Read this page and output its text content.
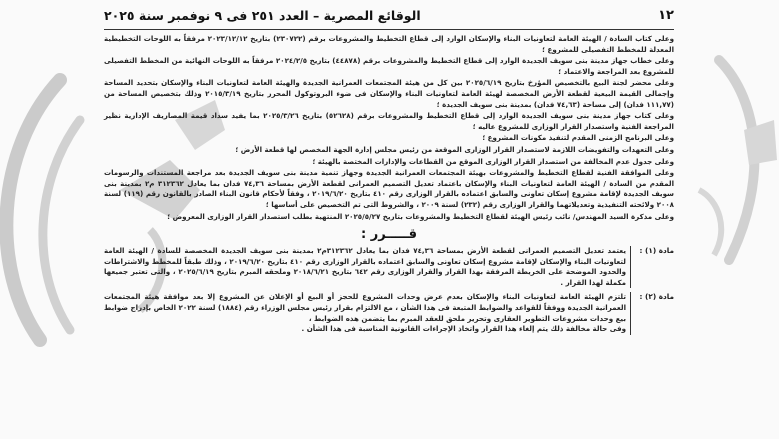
١٢
الوقائع المصرية – العدد ٢٥١ فى ٩ نوفمبر سنة ٢٠٢٥

وعلى كتاب السادة / الهيئة العامة لتعاونيات البناء والإسكان الوارد إلى قطاع التخطيط والمشروعات برقم (٢٣٠٧٢٢) بتاريخ ٢٠٢٣/١٢/١٢ مرفقاً به اللوحات التخطيطية المعدلة للمخطط التفصيلى للمشروع ؛

وعلى خطاب جهاز مدينة بنى سويف الجديدة الوارد إلى قطاع التخطيط والمشروعات برقم (٤٤٨٧٨) بتاريخ ٢٠٢٤/٢/٥ مرفقاً به اللوحات النهائية من المخطط التفصيلى للمشروع بعد المراجعة والاعتماد ؛

وعلى محضر لجنة البيع بالتخصيص المؤرخ بتاريخ ٢٠٢٥/٦/١٩ بين كل من هيئة المجتمعات العمرانية الجديدة والهيئة العامة لتعاونيات البناء والإسكان بتحديد المساحة وإجمالى القيمة البيعية لقطعة الأرض المخصصة لهيئة العامة لتعاونيات البناء والإسكان فى ضوء البروتوكول المحرر بتاريخ ٢٠١٥/٣/١٩ وذلك بتخصيص المساحة من (١١١,٧٧ فدان) إلى مساحة (٧٤,٦٣ فدان) بمدينة بنى سويف الجديدة ؛

وعلى كتاب جهاز مدينة بنى سويف الجديدة الوارد إلى قطاع التخطيط والمشروعات برقم (٥٢٦٢٨) بتاريخ ٢٠٢٥/٣/٢٦ بما يفيد سداد قيمة المصاريف الإدارية نظير المراجعة الفنية واستصدار القرار الوزارى للمشروع عاليه ؛

وعلى البرنامج الزمنى المقدم لتنفيذ مكونات المشروع ؛

وعلى التعهدات والتفويضات اللازمة لاستصدار القرار الوزارى الموقعة من رئيس مجلس إدارة الجهة المخصص لها قطعة الأرض ؛

وعلى جدول عدم المخالفة من استصدار القرار الوزارى الموقع من القطاعات والإدارات المختصة بالهيئة ؛

وعلى الموافقة الفنية لقطاع التخطيط والمشروعات بهيئة المجتمعات العمرانية الجديدة وجهاز تنمية مدينة بنى سويف الجديدة بعد مراجعة المستندات والرسومات المقدم من السادة / الهيئة العامة لتعاونيات البناء والإسكان باعتماد تعديل التصميم العمرانى لقطعة الأرض بمساحة ٧٤,٣٦ فدان بما يعادل ٣١٢٣٦٢ م٢ بمدينة بنى سويف الجديدة لإقامة مشروع إسكان تعاونى والسابق اعتماده بالقرار الوزارى رقم ٤١٠ بتاريخ ٢٠١٩/٦/٢٠ ، وفقاً لأحكام قانون البناء الصادر بالقانون رقم (١١٩) لسنة ٢٠٠٨ ولائحته التنفيذية وتعديلاتهما والقرار الوزارى رقم (٢٣٢) لسنة ٢٠٠٩ ، والشروط التى تم التخصيص على أساسها ؛

وعلى مذكرة السيد المهندس/ نائب رئيس الهيئة لقطاع التخطيط والمشروعات بتاريخ ٢٠٢٥/٥/٢٧ المنتهية بطلب استصدار القرار الوزارى المعروض ؛

قـــــرر :
مادة (١) :

يعتمد تعديل التصميم العمرانى لقطعة الأرض بمساحة ٧٤,٣٦ فدان بما يعادل ٣١٢٣٦٢م٢ بمدينة بنى سويف الجديدة المخصصة للسادة / الهيئة العامة لتعاونيات البناء والإسكان لإقامة مشروع إسكان تعاونى والسابق اعتماده بالقرار الوزارى رقم ٤١٠ بتاريخ ٢٠١٩/٦/٢٠ ، وذلك طبقاً للمخطط والاشتراطات والحدود الموضحة على الخريطة المرفقة بهذا القرار والقرار الوزارى رقم ٦٤٢ بتاريخ ٢٠١٨/٦/٢١ وملحقه المبرم بتاريخ ٢٠٢٥/٦/١٩ ، والتى تعتبر جميعها مكملة لهذا القرار .

مادة (٢) :

تلتزم الهيئة العامة لتعاونيات البناء والإسكان بعدم عرض وحدات المشروع للحجز أو البيع أو الإعلان عن المشروع إلا بعد موافقة هيئة المجتمعات العمرانية الجديدة ووفقاً للقواعد والضوابط المتبعة فى هذا الشأن ، مع الالتزام بقرار رئيس مجلس الوزراء رقم (١٨٨٤) لسنة ٢٠٢٢ الخاص بإدراج ضوابط بيع وحدات مشروعات التطوير العقارى وتحرير ملحق للعقد المبرم بما يتضمن هذه الضوابط ،

وفى حالة مخالفة ذلك يتم إلغاء هذا القرار واتخاذ الإجراءات القانونية المناسبة فى هذا الشأن .
